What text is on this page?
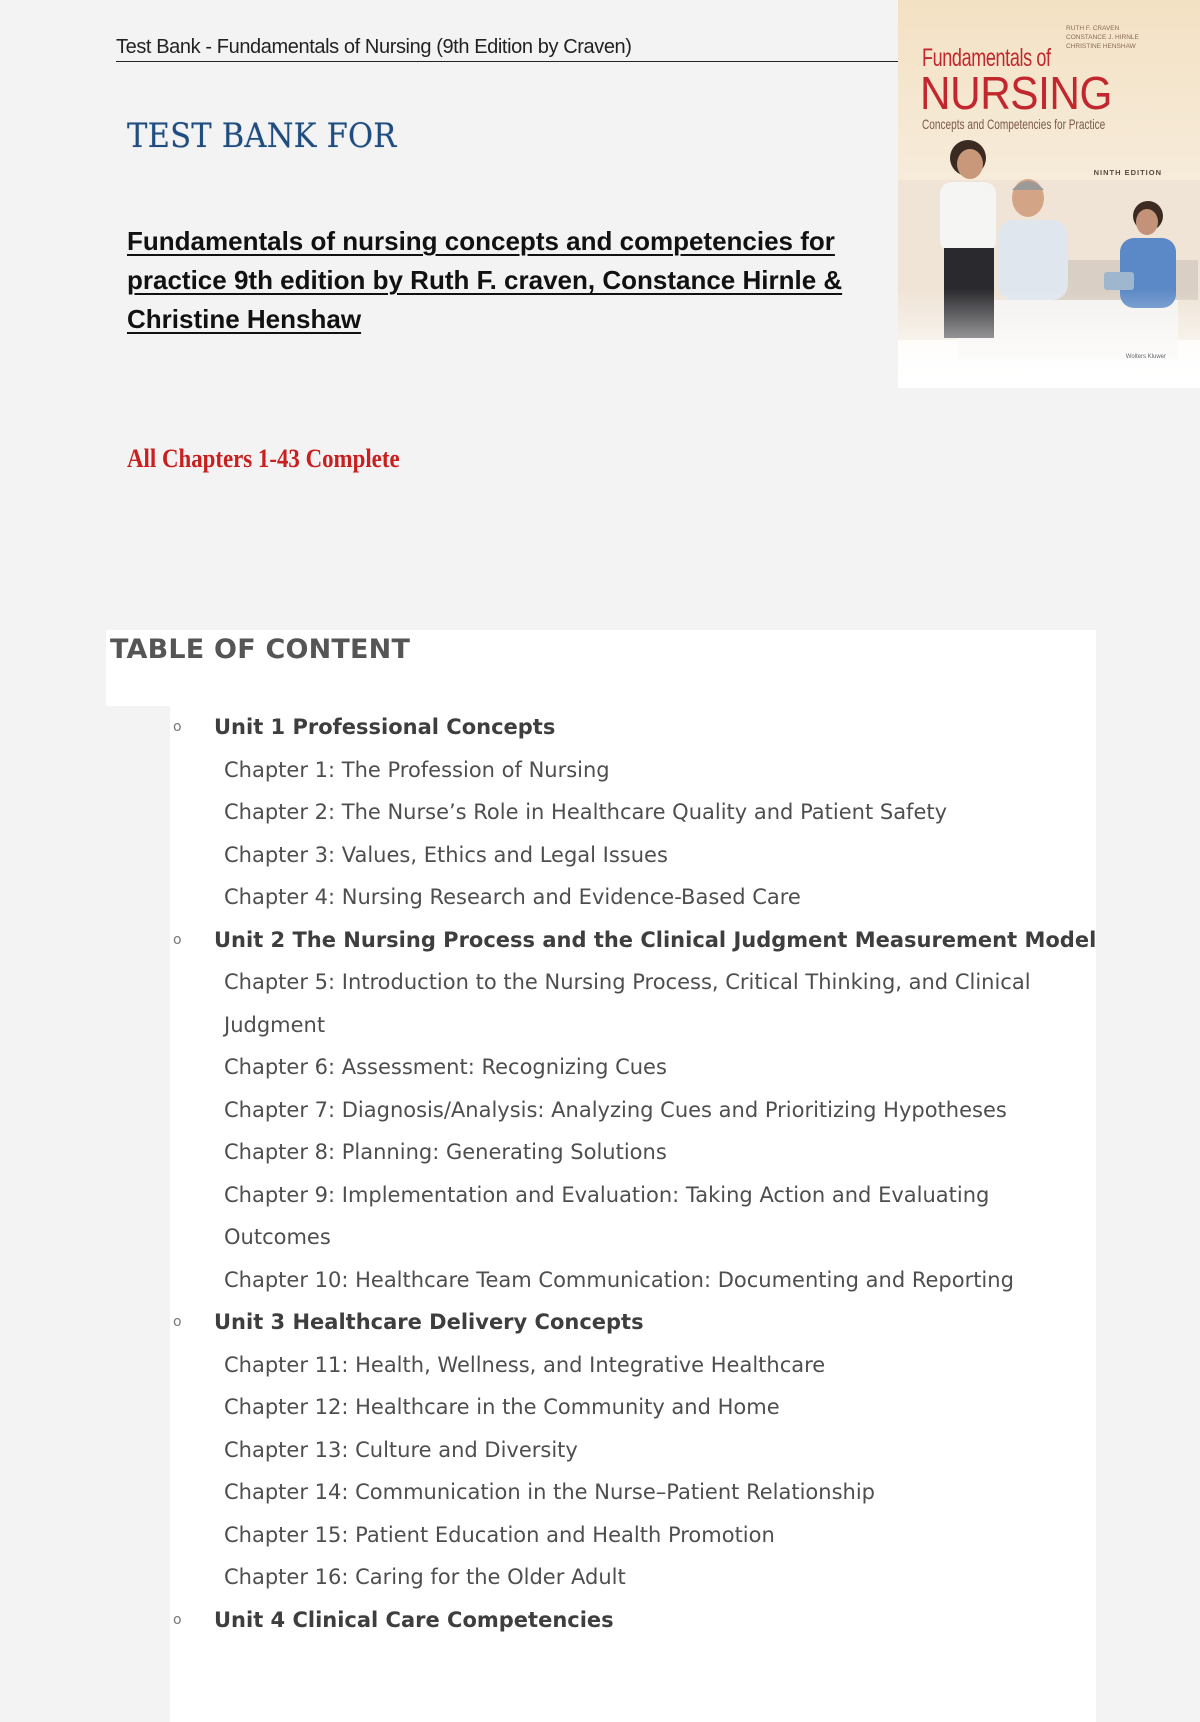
Test Bank - Fundamentals of Nursing (9th Edition by Craven)
RUTH F. CRAVEN
CONSTANCE J. HIRNLE
CHRISTINE HENSHAW
Fundamentals of
NURSING
Concepts and Competencies for Practice
Wolters Kluwer
TEST BANK FOR

Fundamentals of nursing concepts and competencies for practice 9th edition by Ruth F. craven, Constance Hirnle & Christine Henshaw

All Chapters 1-43 Complete
TABLE OF CONTENT
o Unit 1 Professional Concepts
Chapter 1: The Profession of Nursing
Chapter 2: The Nurse’s Role in Healthcare Quality and Patient Safety
Chapter 3: Values, Ethics and Legal Issues
Chapter 4: Nursing Research and Evidence-Based Care
o Unit 2 The Nursing Process and the Clinical Judgment Measurement Model
Chapter 5: Introduction to the Nursing Process, Critical Thinking, and Clinical Judgment
Chapter 6: Assessment: Recognizing Cues
Chapter 7: Diagnosis/Analysis: Analyzing Cues and Prioritizing Hypotheses
Chapter 8: Planning: Generating Solutions
Chapter 9: Implementation and Evaluation: Taking Action and Evaluating Outcomes
Chapter 10: Healthcare Team Communication: Documenting and Reporting
o Unit 3 Healthcare Delivery Concepts
Chapter 11: Health, Wellness, and Integrative Healthcare
Chapter 12: Healthcare in the Community and Home
Chapter 13: Culture and Diversity
Chapter 14: Communication in the Nurse–Patient Relationship
Chapter 15: Patient Education and Health Promotion
Chapter 16: Caring for the Older Adult
o Unit 4 Clinical Care Competencies
